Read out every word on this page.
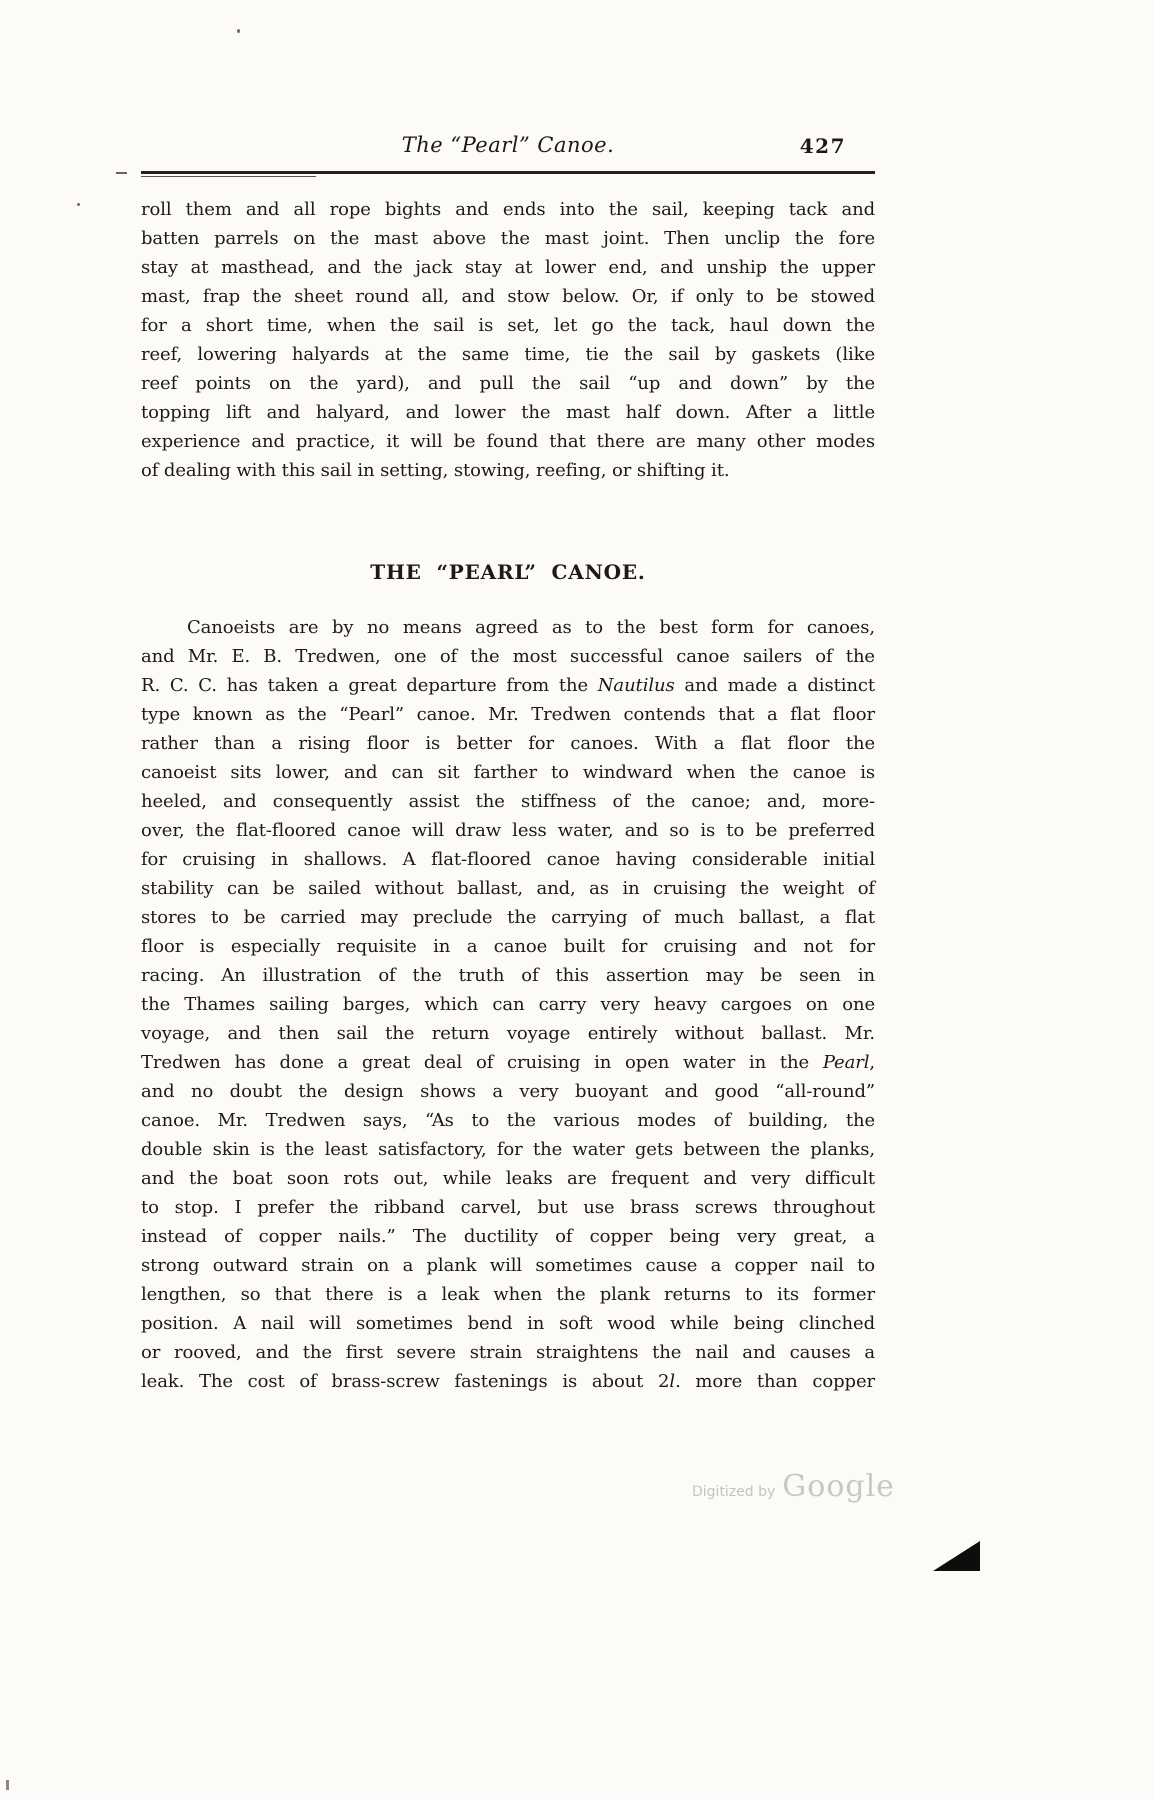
The “Pearl” Canoe.	427
roll them and all rope bights and ends into the sail, keeping tack and
batten parrels on the mast above the mast joint. Then unclip the fore
stay at masthead, and the jack stay at lower end, and unship the upper
mast, frap the sheet round all, and stow below. Or, if only to be stowed
for a short time, when the sail is set, let go the tack, haul down the
reef, lowering halyards at the same time, tie the sail by gaskets (like
reef points on the yard), and pull the sail “up and down” by the
topping lift and halyard, and lower the mast half down. After a little
experience and practice, it will be found that there are many other modes
of dealing with this sail in setting, stowing, reefing, or shifting it.
THE “PEARL” CANOE.
Canoeists are by no means agreed as to the best form for canoes,
and Mr. E. B. Tredwen, one of the most successful canoe sailers of the
R. C. C. has taken a great departure from the Nautilus and made a distinct
type known as the “Pearl” canoe. Mr. Tredwen contends that a flat floor
rather than a rising floor is better for canoes. With a flat floor the
canoeist sits lower, and can sit farther to windward when the canoe is
heeled, and consequently assist the stiffness of the canoe; and, more-
over, the flat-floored canoe will draw less water, and so is to be preferred
for cruising in shallows. A flat-floored canoe having considerable initial
stability can be sailed without ballast, and, as in cruising the weight of
stores to be carried may preclude the carrying of much ballast, a flat
floor is especially requisite in a canoe built for cruising and not for
racing. An illustration of the truth of this assertion may be seen in
the Thames sailing barges, which can carry very heavy cargoes on one
voyage, and then sail the return voyage entirely without ballast. Mr.
Tredwen has done a great deal of cruising in open water in the Pearl,
and no doubt the design shows a very buoyant and good “all-round”
canoe. Mr. Tredwen says, “As to the various modes of building, the
double skin is the least satisfactory, for the water gets between the planks,
and the boat soon rots out, while leaks are frequent and very difficult
to stop. I prefer the ribband carvel, but use brass screws throughout
instead of copper nails.” The ductility of copper being very great, a
strong outward strain on a plank will sometimes cause a copper nail to
lengthen, so that there is a leak when the plank returns to its former
position. A nail will sometimes bend in soft wood while being clinched
or rooved, and the first severe strain straightens the nail and causes a
leak. The cost of brass-screw fastenings is about 2l. more than copper
Digitized by Google
